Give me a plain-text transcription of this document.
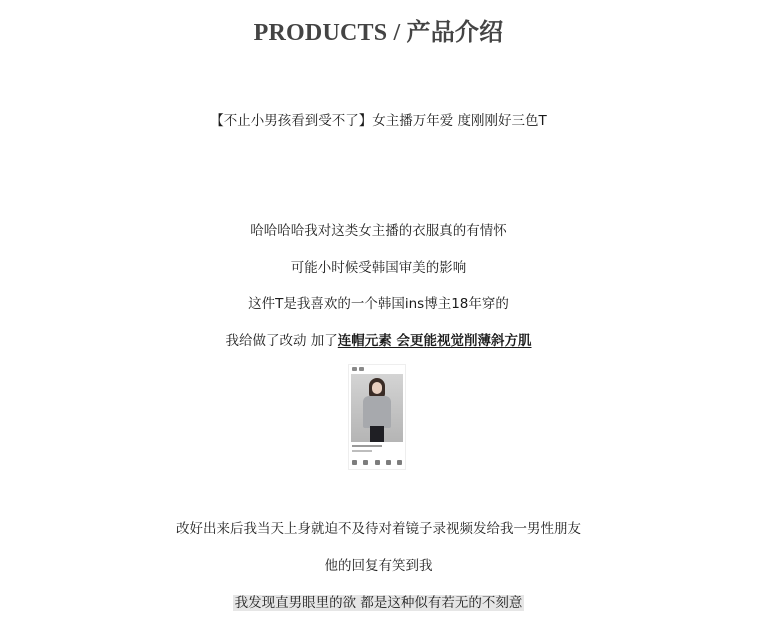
PRODUCTS / 产品介绍
【不止小男孩看到受不了】女主播万年爱 度刚刚好三色T
哈哈哈哈我对这类女主播的衣服真的有情怀
可能小时候受韩国审美的影响
这件T是我喜欢的一个韩国ins博主18年穿的
我给做了改动 加了连帽元素 会更能视觉削薄斜方肌
改好出来后我当天上身就迫不及待对着镜子录视频发给我一男性朋友
他的回复有笑到我
我发现直男眼里的欲 都是这种似有若无的不刻意
